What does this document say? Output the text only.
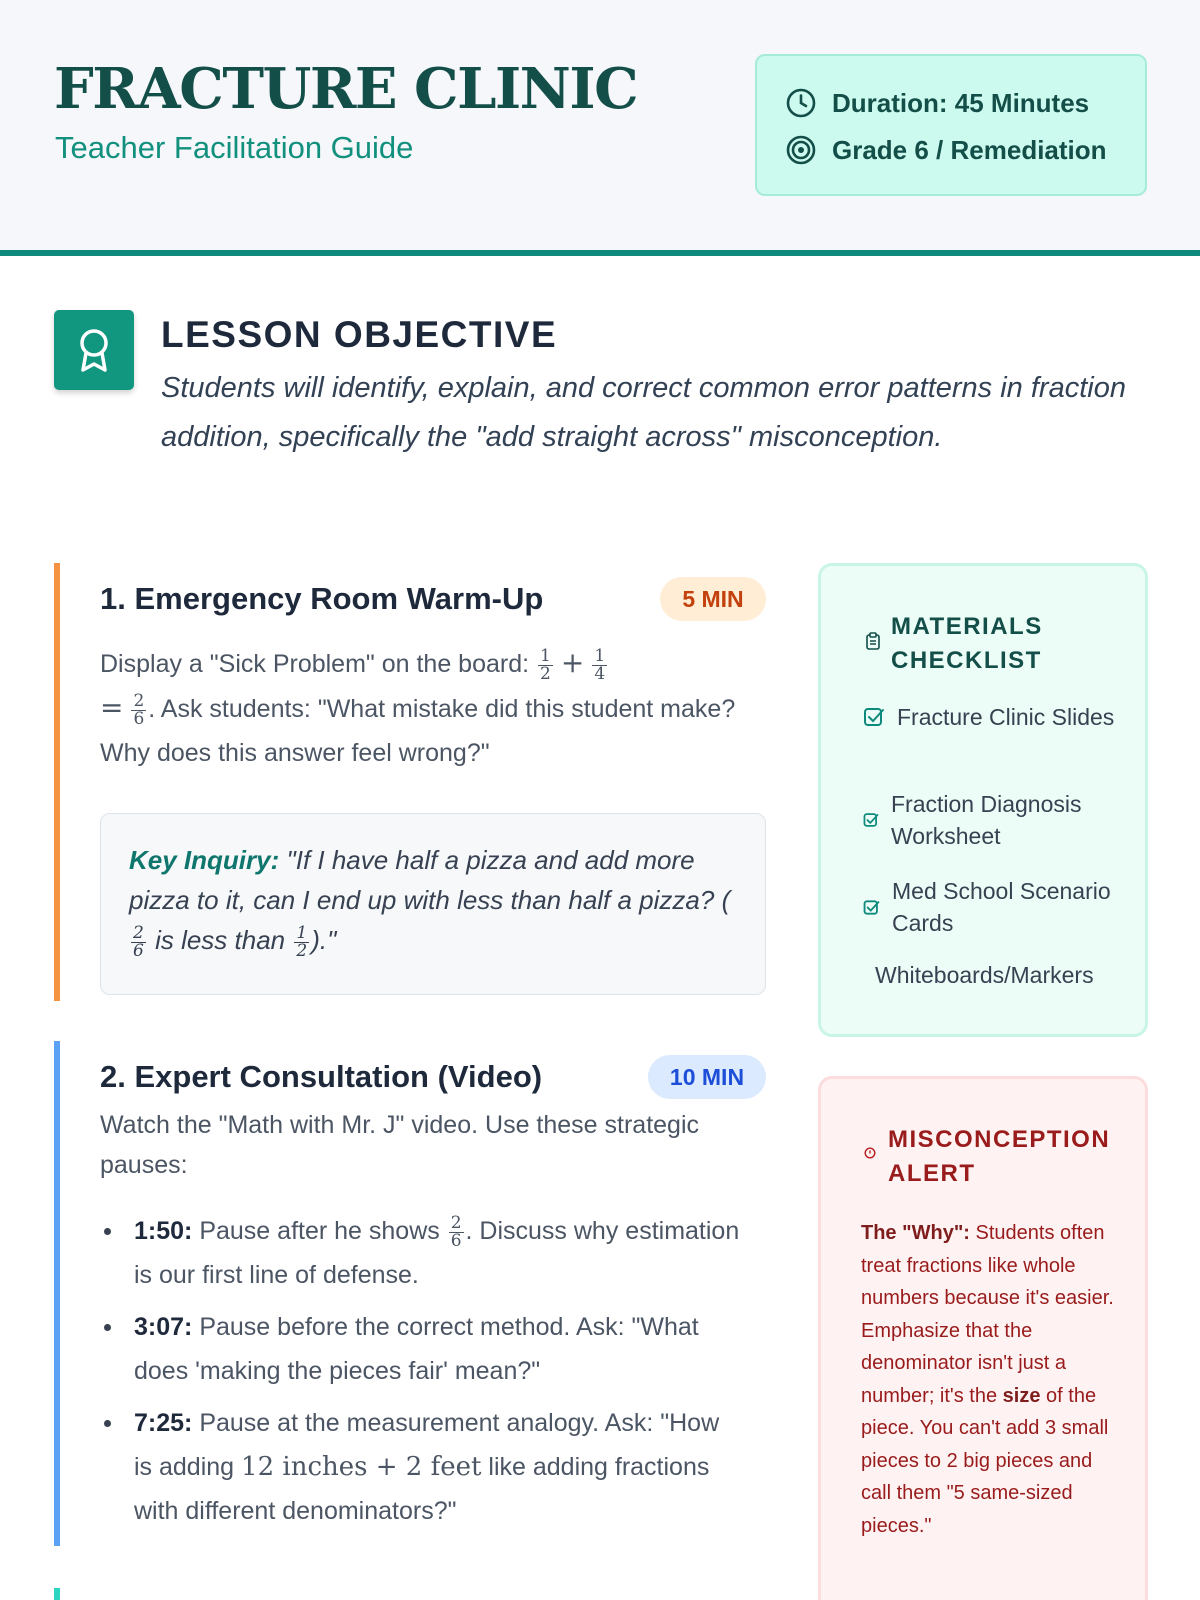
FRACTURE CLINIC
Teacher Facilitation Guide
Duration: 45 Minutes
Grade 6 / Remediation
LESSON OBJECTIVE
Students will identify, explain, and correct common error patterns in fraction addition, specifically the "add straight across" misconception.
1. Emergency Room Warm-Up	5 MIN
Display a "Sick Problem" on the board: $\frac{1}{2} + \frac{1}{4}$

= $\frac{2}{6}$ . Ask students: "What mistake did this student make? Why does this answer feel wrong?"

Key Inquiry: "If I have half a pizza and add more pizza to it, can I end up with less than half a pizza? (
$\frac{2}{6}$ is less than $\frac{1}{2}$ )."

2. Expert Consultation (Video)	10 MIN
Watch the "Math with Mr. J" video. Use these strategic pauses:
1:50: Pause after he shows $\frac{2}{6}$ . Discuss why estimation is our first line of defense.
3:07: Pause before the correct method. Ask: "What does 'making the pieces fair' mean?"
7:25: Pause at the measurement analogy. Ask: "How is adding 12 inches + 2 feet like adding fractions with different denominators?"
MATERIALS CHECKLIST
Fracture Clinic Slides
Fraction Diagnosis Worksheet
Med School Scenario Cards
Whiteboards/Markers
MISCONCEPTION ALERT
The "Why": Students often treat fractions like whole numbers because it's easier. Emphasize that the denominator isn't just a number; it's the size of the piece. You can't add 3 small pieces to 2 big pieces and call them "5 same-sized pieces."
